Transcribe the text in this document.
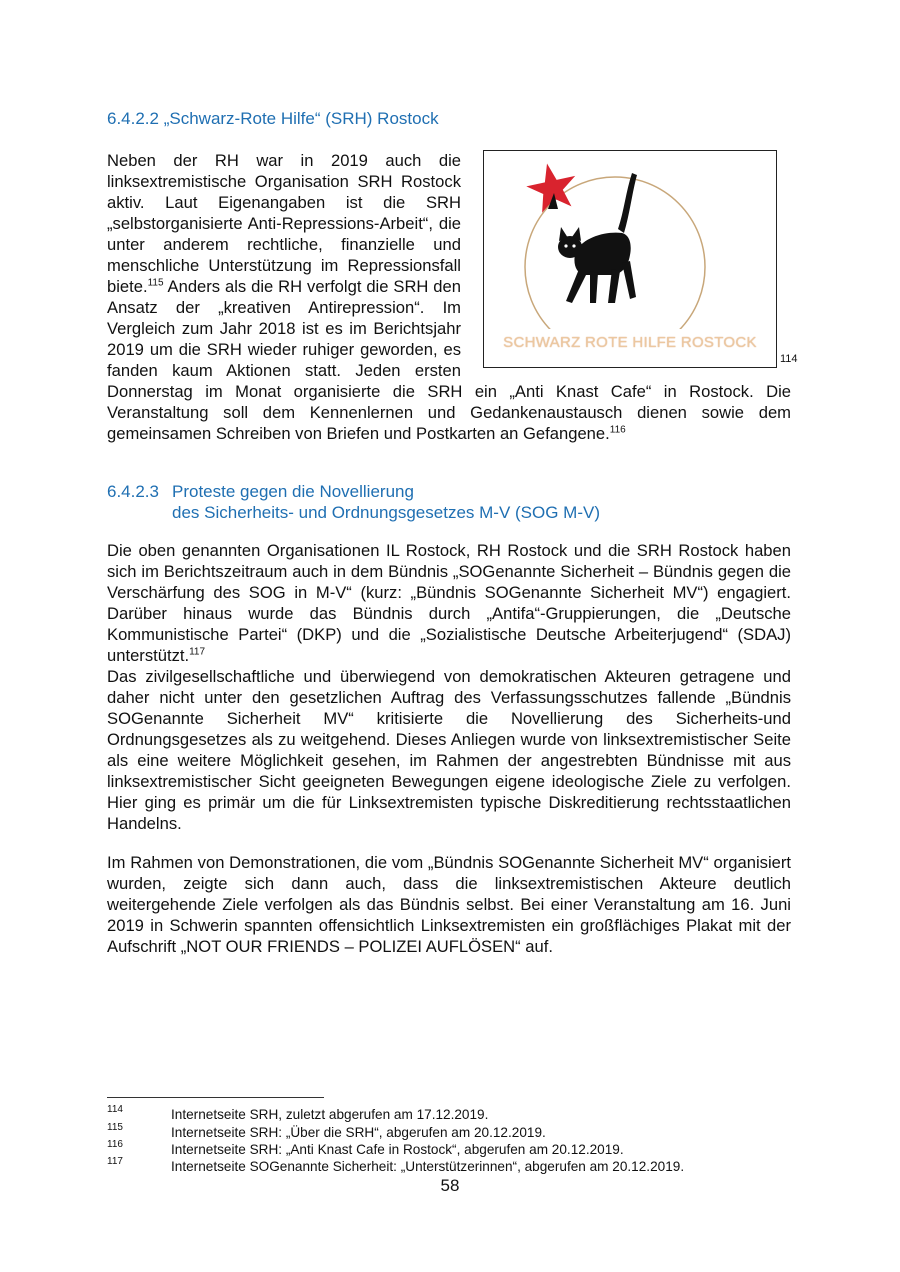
6.4.2.2 „Schwarz-Rote Hilfe“ (SRH) Rostock
SCHWARZ ROTE HILFE ROSTOCK
114
Neben der RH war in 2019 auch die linksextremistische Organisation SRH Rostock aktiv. Laut Eigenangaben ist die SRH „selbstorganisierte Anti-Repressions-Arbeit“, die unter anderem rechtliche, finanzielle und menschliche Unterstützung im Repressionsfall biete.$^{115}$ Anders als die RH verfolgt die SRH den Ansatz der „kreativen Antirepression“. Im Vergleich zum Jahr 2018 ist es im Berichtsjahr 2019 um die SRH wieder ruhiger geworden, es fanden kaum Aktionen statt. Jeden ersten Donnerstag im Monat organisierte die SRH ein „Anti Knast Cafe“ in Rostock. Die Veranstaltung soll dem Kennenlernen und Gedankenaustausch dienen sowie dem gemeinsamen Schreiben von Briefen und Postkarten an Gefangene.$^{116}$
6.4.2.3 Proteste gegen die Novellierung
des Sicherheits- und Ordnungsgesetzes M-V (SOG M-V)

Die oben genannten Organisationen IL Rostock, RH Rostock und die SRH Rostock haben sich im Berichtszeitraum auch in dem Bündnis „SOGenannte Sicherheit – Bündnis gegen die Verschärfung des SOG in M-V“ (kurz: „Bündnis SOGenannte Sicherheit MV“) engagiert. Darüber hinaus wurde das Bündnis durch „Antifa“-Gruppierungen, die „Deutsche Kommunistische Partei“ (DKP) und die „Sozialistische Deutsche Arbeiterjugend“ (SDAJ) unterstützt.$^{117}$

Das zivilgesellschaftliche und überwiegend von demokratischen Akteuren getragene und daher nicht unter den gesetzlichen Auftrag des Verfassungsschutzes fallende „Bündnis SOGenannte Sicherheit MV“ kritisierte die Novellierung des Sicherheits-und Ordnungsgesetzes als zu weitgehend. Dieses Anliegen wurde von linksextremistischer Seite als eine weitere Möglichkeit gesehen, im Rahmen der angestrebten Bündnisse mit aus linksextremistischer Sicht geeigneten Bewegungen eigene ideologische Ziele zu verfolgen. Hier ging es primär um die für Linksextremisten typische Diskreditierung rechtsstaatlichen Handelns.

Im Rahmen von Demonstrationen, die vom „Bündnis SOGenannte Sicherheit MV“ organisiert wurden, zeigte sich dann auch, dass die linksextremistischen Akteure deutlich weitergehende Ziele verfolgen als das Bündnis selbst. Bei einer Veranstaltung am 16. Juni 2019 in Schwerin spannten offensichtlich Linksextremisten ein großflächiges Plakat mit der Aufschrift „NOT OUR FRIENDS – POLIZEI AUFLÖSEN“ auf.

114	Internetseite SRH, zuletzt abgerufen am 17.12.2019.
115	Internetseite SRH: „Über die SRH“, abgerufen am 20.12.2019.
116	Internetseite SRH: „Anti Knast Cafe in Rostock“, abgerufen am 20.12.2019.
117	Internetseite SOGenannte Sicherheit: „Unterstützerinnen“, abgerufen am 20.12.2019.
58
